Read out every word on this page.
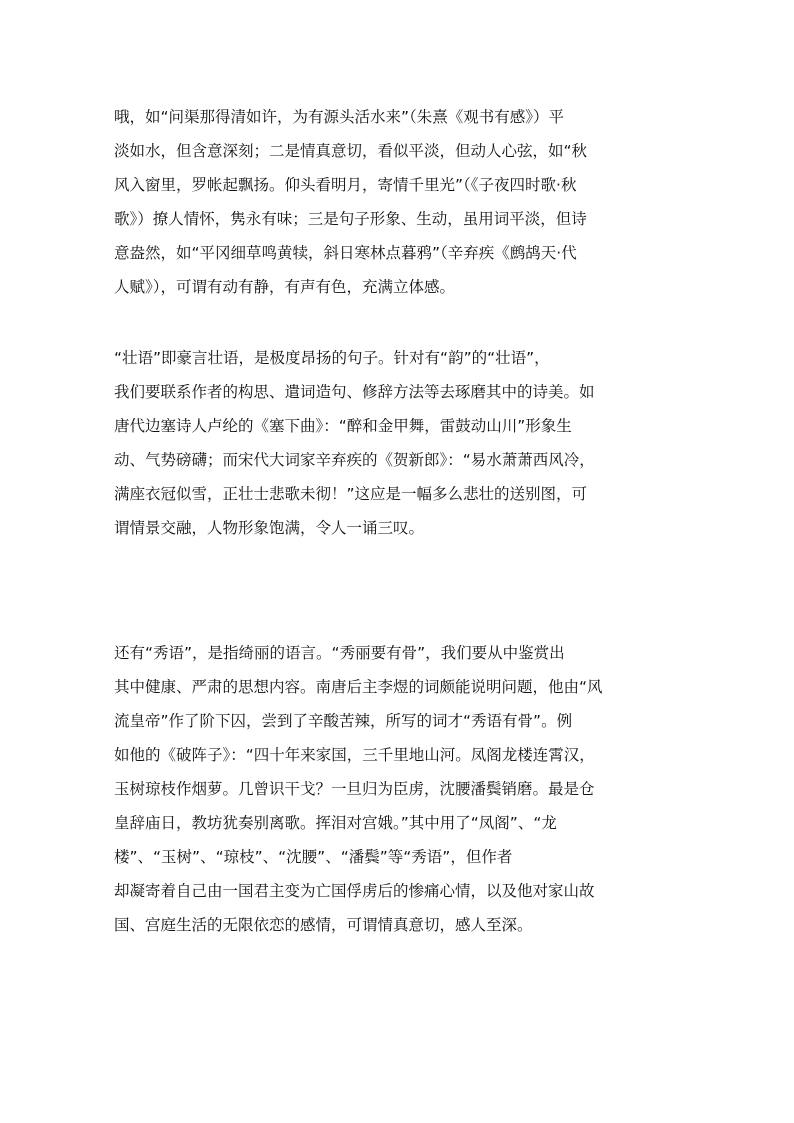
哦，如“问渠那得清如许，为有源头活水来”（朱熹《观书有感》）平
淡如水，但含意深刻；二是情真意切，看似平淡，但动人心弦，如“秋
风入窗里，罗帐起飘扬。仰头看明月，寄情千里光”（《子夜四时歌·秋
歌》）撩人情怀，隽永有味；三是句子形象、生动，虽用词平淡，但诗
意盎然，如“平冈细草鸣黄犊，斜日寒林点暮鸦”（辛弃疾《鹧鸪天·代
人赋》），可谓有动有静，有声有色，充满立体感。

“壮语”即豪言壮语，是极度昂扬的句子。针对有“韵”的“壮语”，
我们要联系作者的构思、遣词造句、修辞方法等去琢磨其中的诗美。如
唐代边塞诗人卢纶的《塞下曲》：“醉和金甲舞，雷鼓动山川”形象生
动、气势磅礴；而宋代大词家辛弃疾的《贺新郎》：“易水萧萧西风冷，
满座衣冠似雪，正壮士悲歌未彻！”这应是一幅多么悲壮的送别图，可
谓情景交融，人物形象饱满，令人一诵三叹。

还有“秀语”，是指绮丽的语言。“秀丽要有骨”，我们要从中鉴赏出
其中健康、严肃的思想内容。南唐后主李煜的词颇能说明问题，他由“风
流皇帝”作了阶下囚，尝到了辛酸苦辣，所写的词才“秀语有骨”。例
如他的《破阵子》：“四十年来家国，三千里地山河。凤阁龙楼连霄汉，
玉树琼枝作烟萝。几曾识干戈？一旦归为臣虏，沈腰潘鬓销磨。最是仓
皇辞庙日，教坊犹奏别离歌。挥泪对宫娥。”其中用了“凤阁”、“龙
楼”、“玉树”、“琼枝”、“沈腰”、“潘鬓”等“秀语”，但作者
却凝寄着自己由一国君主变为亡国俘虏后的惨痛心情，以及他对家山故
国、宫庭生活的无限依恋的感情，可谓情真意切，感人至深。
